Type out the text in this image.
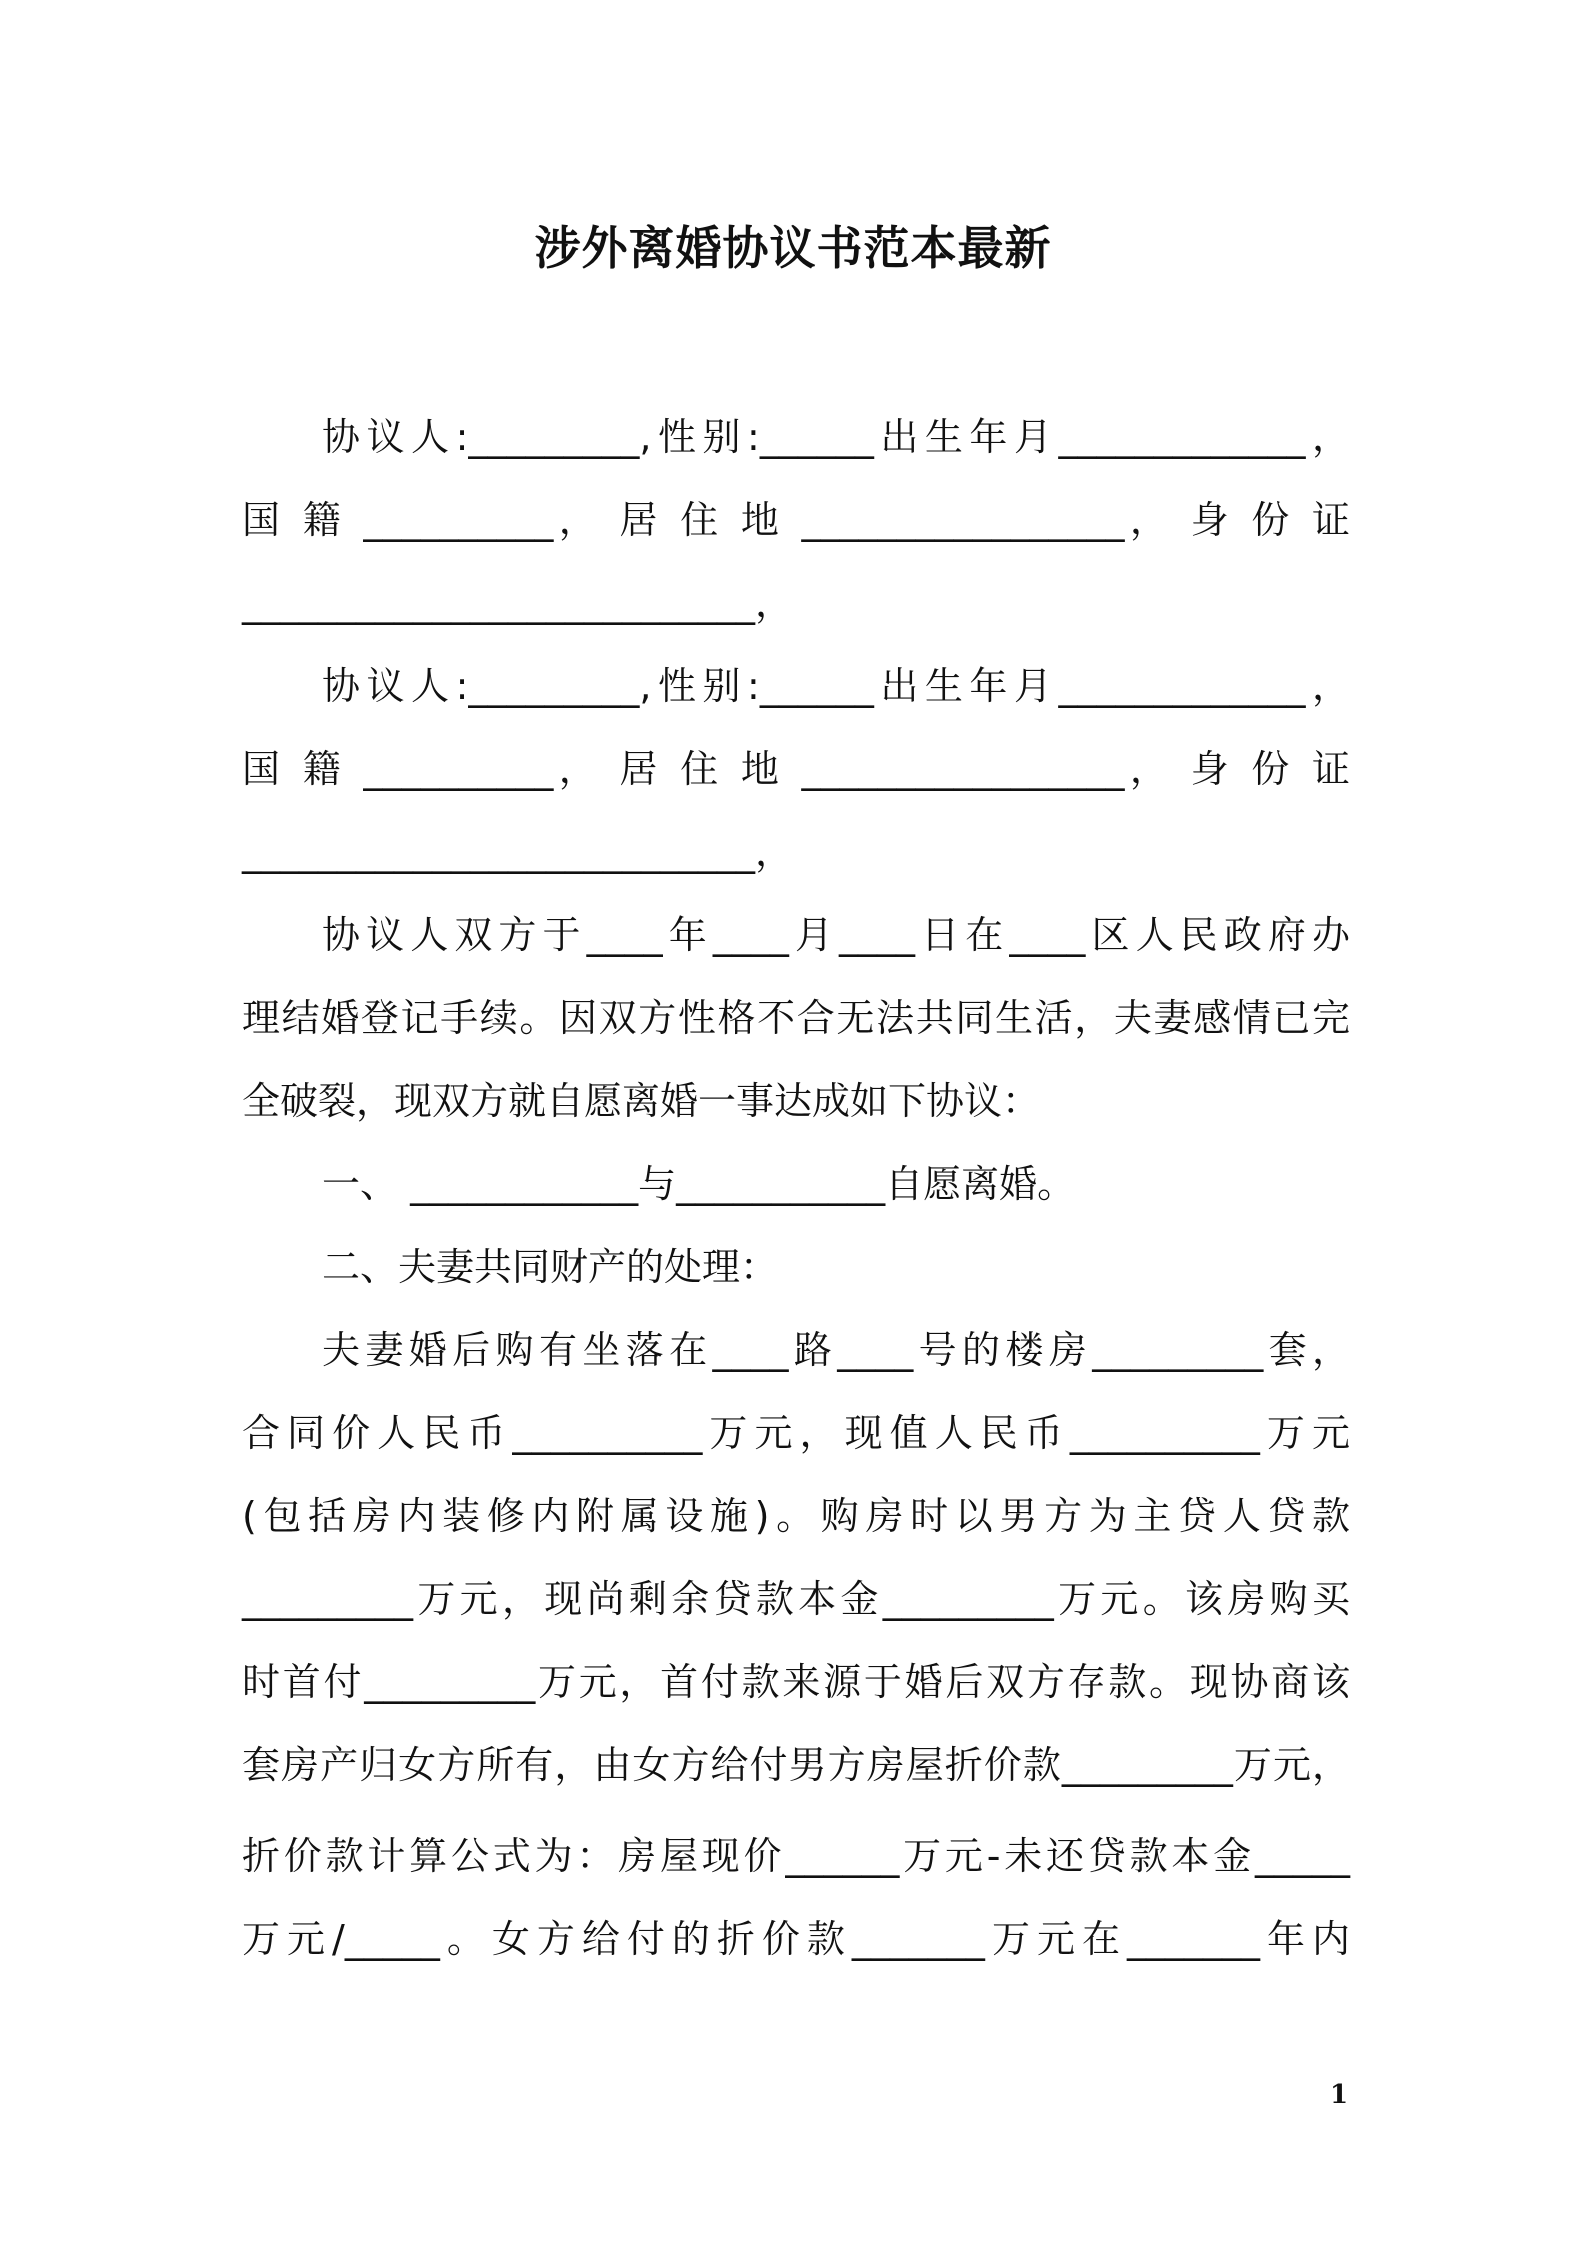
涉外离婚协议书范本最新
协议人:_________,性别:______出生年月_____________，
国 籍 __________， 居 住 地 _________________， 身 份 证
___________________________，
协议人:_________,性别:______出生年月_____________，
国 籍 __________， 居 住 地 _________________， 身 份 证
___________________________，
协议人双方于____年____月____日在____区人民政府办
理结婚登记手续。因双方性格不合无法共同生活，夫妻感情已完
全破裂，现双方就自愿离婚一事达成如下协议：
一、 ____________与___________自愿离婚。
二、夫妻共同财产的处理：
夫妻婚后购有坐落在____路____号的楼房_________套，
合同价人民币__________万元，现值人民币__________万元
(包括房内装修内附属设施)。购房时以男方为主贷人贷款
_________万元，现尚剩余贷款本金_________万元。该房购买
时首付_________万元，首付款来源于婚后双方存款。现协商该
套房产归女方所有，由女方给付男方房屋折价款_________万元，
折价款计算公式为：房屋现价______万元-未还贷款本金_____
万元/_____。女方给付的折价款_______万元在_______年内
1
